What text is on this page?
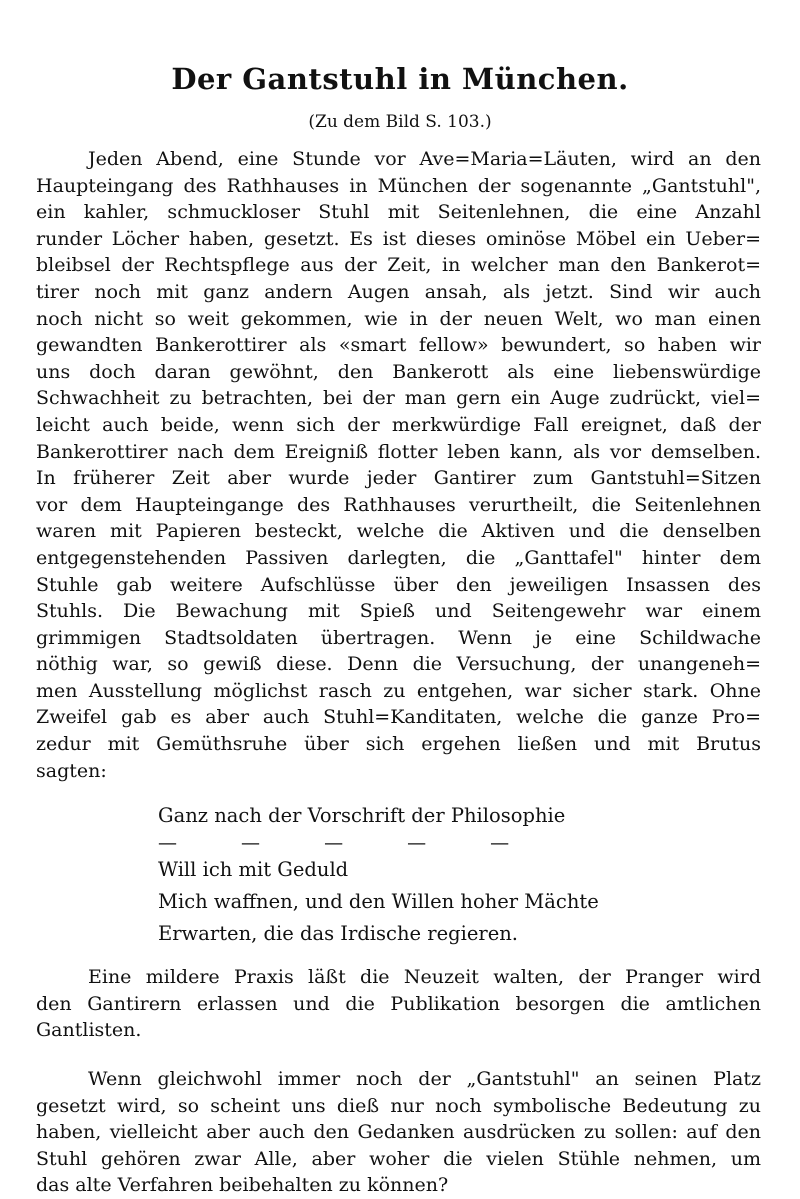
Der Gantstuhl in München.

(Zu dem Bild S. 103.)

Jeden Abend, eine Stunde vor Ave=Maria=Läuten, wird an den
Haupteingang des Rathhauses in München der sogenannte „Gantstuhl",
ein kahler, schmuckloser Stuhl mit Seitenlehnen, die eine Anzahl
runder Löcher haben, gesetzt. Es ist dieses ominöse Möbel ein Ueber=
bleibsel der Rechtspflege aus der Zeit, in welcher man den Bankerot=
tirer noch mit ganz andern Augen ansah, als jetzt. Sind wir auch
noch nicht so weit gekommen, wie in der neuen Welt, wo man einen
gewandten Bankerottirer als «smart fellow» bewundert, so haben wir
uns doch daran gewöhnt, den Bankerott als eine liebenswürdige
Schwachheit zu betrachten, bei der man gern ein Auge zudrückt, viel=
leicht auch beide, wenn sich der merkwürdige Fall ereignet, daß der
Bankerottirer nach dem Ereigniß flotter leben kann, als vor demselben.
In früherer Zeit aber wurde jeder Gantirer zum Gantstuhl=Sitzen
vor dem Haupteingange des Rathhauses verurtheilt, die Seitenlehnen
waren mit Papieren besteckt, welche die Aktiven und die denselben
entgegenstehenden Passiven darlegten, die „Ganttafel" hinter dem
Stuhle gab weitere Aufschlüsse über den jeweiligen Insassen des
Stuhls. Die Bewachung mit Spieß und Seitengewehr war einem
grimmigen Stadtsoldaten übertragen. Wenn je eine Schildwache
nöthig war, so gewiß diese. Denn die Versuchung, der unangeneh=
men Ausstellung möglichst rasch zu entgehen, war sicher stark. Ohne
Zweifel gab es aber auch Stuhl=Kanditaten, welche die ganze Pro=
zedur mit Gemüthsruhe über sich ergehen ließen und mit Brutus
sagten:
Ganz nach der Vorschrift der Philosophie
— — — — —
Will ich mit Geduld
Mich waffnen, und den Willen hoher Mächte
Erwarten, die das Irdische regieren.
Eine mildere Praxis läßt die Neuzeit walten, der Pranger wird
den Gantirern erlassen und die Publikation besorgen die amtlichen
Gantlisten.
Wenn gleichwohl immer noch der „Gantstuhl" an seinen Platz
gesetzt wird, so scheint uns dieß nur noch symbolische Bedeutung zu
haben, vielleicht aber auch den Gedanken ausdrücken zu sollen: auf den
Stuhl gehören zwar Alle, aber woher die vielen Stühle nehmen, um
das alte Verfahren beibehalten zu können?
